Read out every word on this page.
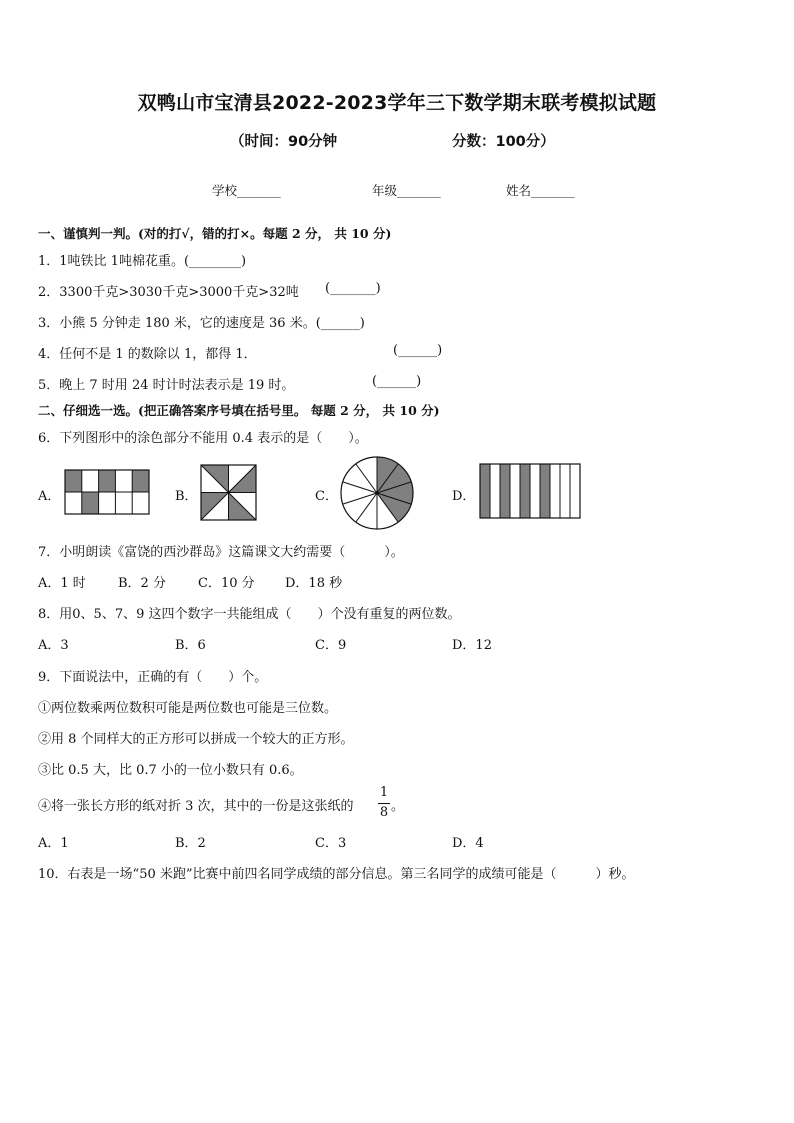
双鸭山市宝清县2022-2023学年三下数学期末联考模拟试题
（时间：90分钟	分数：100分）
学校_______	年级_______	姓名_______
一、谨慎判一判。(对的打√，错的打×。每题 2 分， 共 10 分)
1．1吨铁比 1吨棉花重。(________)
2．3300千克>3030千克>3000千克>32吨 (_______)
3．小熊 5 分钟走 180 米，它的速度是 36 米。(______)
4．任何不是 1 的数除以 1，都得 1．	(______)
5．晚上 7 时用 24 时计时法表示是 19 时。	(______)
二、仔细选一选。(把正确答案序号填在括号里。 每题 2 分， 共 10 分)
6．下列图形中的涂色部分不能用 0.4 表示的是（　　）。
A．	B．	C．	D．
7．小明朗读《富饶的西沙群岛》这篇课文大约需要（　　　）。
A．1 时 B．2 分 C．10 分 D．18 秒
8．用0、5、7、9 这四个数字一共能组成（　　）个没有重复的两位数。
A．3	B．6	C．9	D．12
9．下面说法中，正确的有（　　）个。
①两位数乘两位数积可能是两位数也可能是三位数。
②用 8 个同样大的正方形可以拼成一个较大的正方形。
③比 0.5 大，比 0.7 小的一位小数只有 0.6。
④将一张长方形的纸对折 3 次，其中的一份是这张纸的
1
8 。
A．1	B．2	C．3	D．4
10．右表是一场“50 米跑”比赛中前四名同学成绩的部分信息。第三名同学的成绩可能是（　　　）秒。
